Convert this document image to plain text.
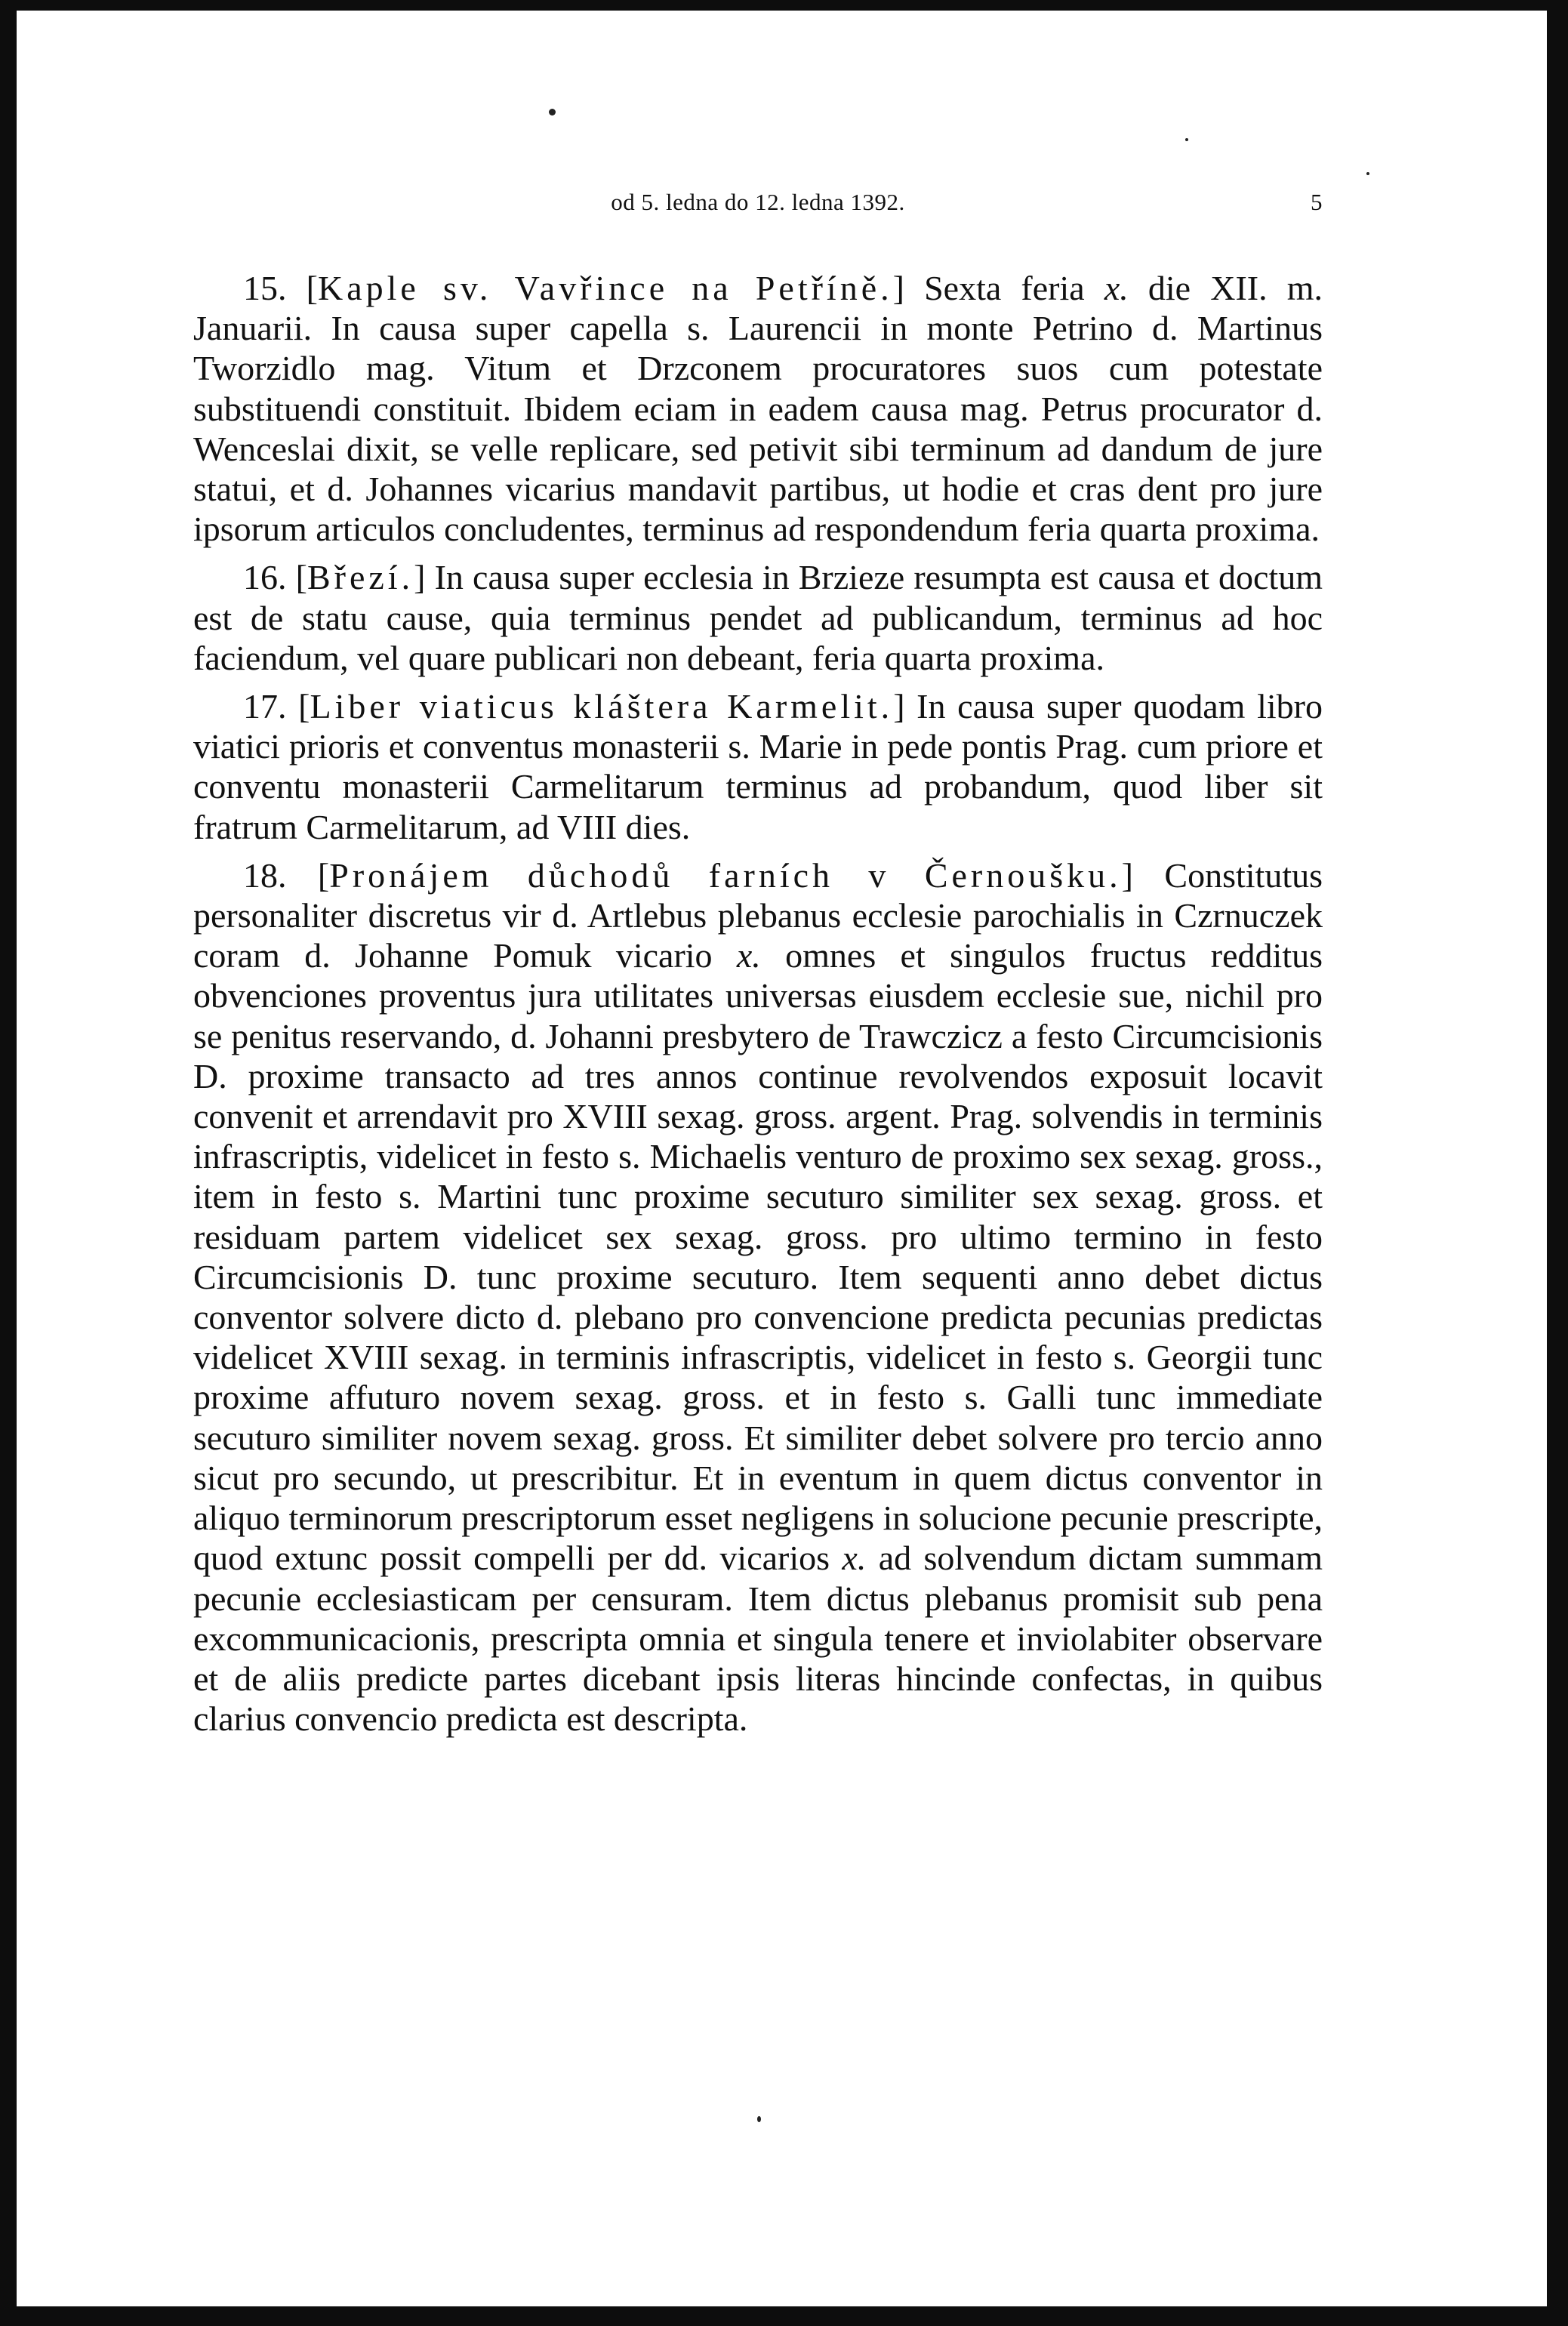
od 5. ledna do 12. ledna 1392.	5

15. [Kaple sv. Vavřince na Petříně.] Sexta feria x. die XII. m. Januarii. In causa super capella s. Laurencii in monte Petrino d. Martinus Tworzidlo mag. Vitum et Drzconem procuratores suos cum potestate substituendi constituit. Ibidem eciam in eadem causa mag. Petrus procurator d. Wenceslai dixit, se velle replicare, sed petivit sibi terminum ad dandum de jure statui, et d. Johannes vicarius mandavit partibus, ut hodie et cras dent pro jure ipsorum articulos concludentes, terminus ad respondendum feria quarta proxima.

16. [Březí.] In causa super ecclesia in Brzieze resumpta est causa et doctum est de statu cause, quia terminus pendet ad publicandum, terminus ad hoc faciendum, vel quare publicari non debeant, feria quarta proxima.

17. [Liber viaticus kláštera Karmelit.] In causa super quodam libro viatici prioris et conventus monasterii s. Marie in pede pontis Prag. cum priore et conventu monasterii Carmelitarum terminus ad probandum, quod liber sit fratrum Carmelitarum, ad VIII dies.

18. [Pronájem důchodů farních v Černoušku.] Constitutus personaliter discretus vir d. Artlebus plebanus ecclesie parochialis in Czrnuczek coram d. Johanne Pomuk vicario x. omnes et singulos fructus redditus obvenciones proventus jura utilitates universas eiusdem ecclesie sue, nichil pro se penitus reservando, d. Johanni presbytero de Trawczicz a festo Circumcisionis D. proxime transacto ad tres annos continue revolvendos exposuit locavit convenit et arrendavit pro XVIII sexag. gross. argent. Prag. solvendis in terminis infrascriptis, videlicet in festo s. Michaelis venturo de proximo sex sexag. gross., item in festo s. Martini tunc proxime secuturo similiter sex sexag. gross. et residuam partem videlicet sex sexag. gross. pro ultimo termino in festo Circumcisionis D. tunc proxime secuturo. Item sequenti anno debet dictus conventor solvere dicto d. plebano pro convencione predicta pecunias predictas videlicet XVIII sexag. in terminis infrascriptis, videlicet in festo s. Georgii tunc proxime affuturo novem sexag. gross. et in festo s. Galli tunc immediate secuturo similiter novem sexag. gross. Et similiter debet solvere pro tercio anno sicut pro secundo, ut prescribitur. Et in eventum in quem dictus conventor in aliquo terminorum prescriptorum esset negligens in solucione pecunie prescripte, quod extunc possit compelli per dd. vicarios x. ad solvendum dictam summam pecunie ecclesiasticam per censuram. Item dictus plebanus promisit sub pena excommunicacionis, prescripta omnia et singula tenere et inviolabiter observare et de aliis predicte partes dicebant ipsis literas hincinde confectas, in quibus clarius convencio predicta est descripta.
